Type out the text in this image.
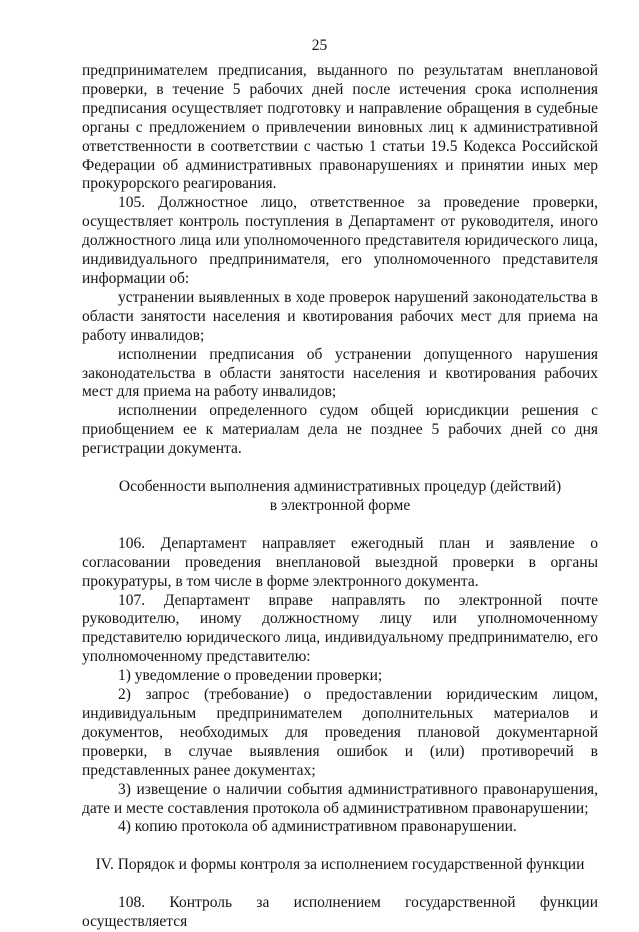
25

предпринимателем предписания, выданного по результатам внеплановой проверки, в течение 5 рабочих дней после истечения срока исполнения предписания осуществляет подготовку и направление обращения в судебные органы с предложением о привлечении виновных лиц к административной ответственности в соответствии с частью 1 статьи 19.5 Кодекса Российской Федерации об административных правонарушениях и принятии иных мер прокурорского реагирования.

105. Должностное лицо, ответственное за проведение проверки, осуществляет контроль поступления в Департамент от руководителя, иного должностного лица или уполномоченного представителя юридического лица, индивидуального предпринимателя, его уполномоченного представителя информации об:

устранении выявленных в ходе проверок нарушений законодательства в области занятости населения и квотирования рабочих мест для приема на работу инвалидов;

исполнении предписания об устранении допущенного нарушения законодательства в области занятости населения и квотирования рабочих мест для приема на работу инвалидов;

исполнении определенного судом общей юрисдикции решения с приобщением ее к материалам дела не позднее 5 рабочих дней со дня регистрации документа.

Особенности выполнения административных процедур (действий)

в электронной форме

106. Департамент направляет ежегодный план и заявление о согласовании проведения внеплановой выездной проверки в органы прокуратуры, в том числе в форме электронного документа.

107. Департамент вправе направлять по электронной почте руководителю, иному должностному лицу или уполномоченному представителю юридического лица, индивидуальному предпринимателю, его уполномоченному представителю:

1) уведомление о проведении проверки;

2) запрос (требование) о предоставлении юридическим лицом, индивидуальным предпринимателем дополнительных материалов и документов, необходимых для проведения плановой документарной проверки, в случае выявления ошибок и (или) противоречий в представленных ранее документах;

3) извещение о наличии события административного правонарушения, дате и месте составления протокола об административном правонарушении;

4) копию протокола об административном правонарушении.

IV. Порядок и формы контроля за исполнением государственной функции

108. Контроль за исполнением государственной функции осуществляется
